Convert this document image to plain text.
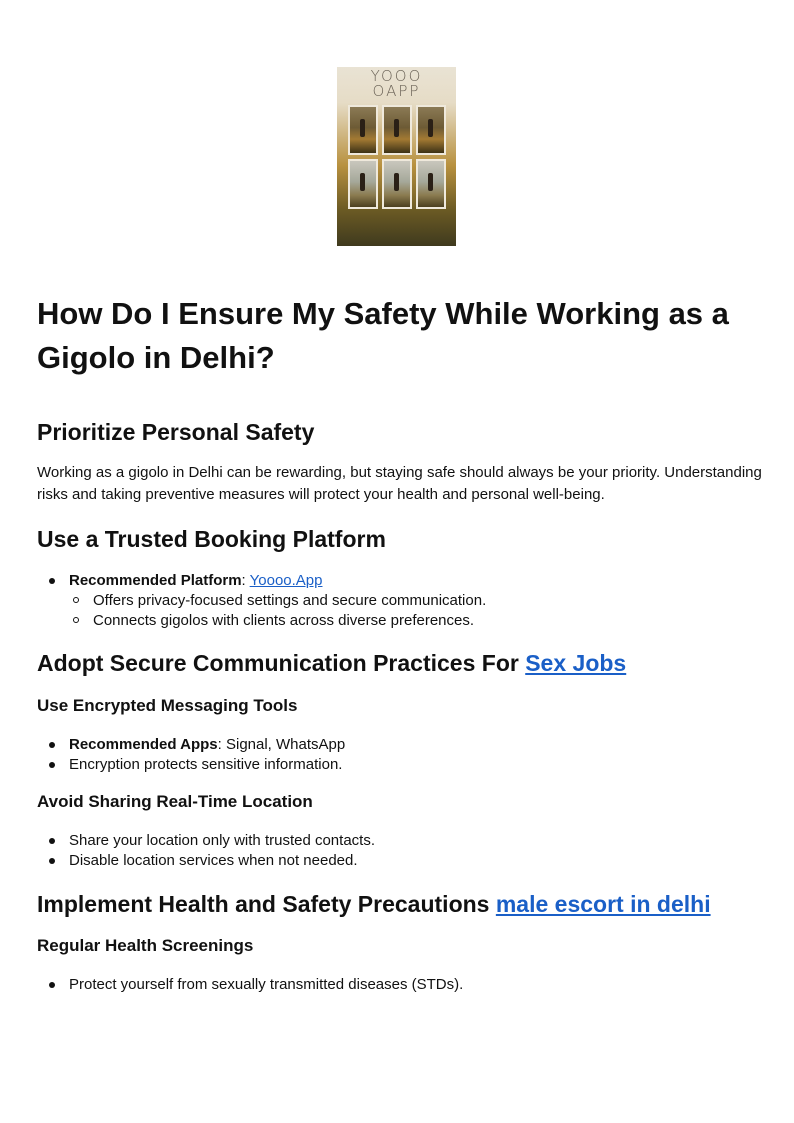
YOOO
OAPP
How Do I Ensure My Safety While Working as a Gigolo in Delhi?
Prioritize Personal Safety

Working as a gigolo in Delhi can be rewarding, but staying safe should always be your priority. Understanding risks and taking preventive measures will protect your health and personal well-being.

Use a Trusted Booking Platform
Recommended Platform: Yoooo.App
Offers privacy-focused settings and secure communication.
Connects gigolos with clients across diverse preferences.
Adopt Secure Communication Practices For Sex Jobs
Use Encrypted Messaging Tools
Recommended Apps: Signal, WhatsApp
Encryption protects sensitive information.
Avoid Sharing Real-Time Location
Share your location only with trusted contacts.
Disable location services when not needed.
Implement Health and Safety Precautions male escort in delhi
Regular Health Screenings
Protect yourself from sexually transmitted diseases (STDs).
